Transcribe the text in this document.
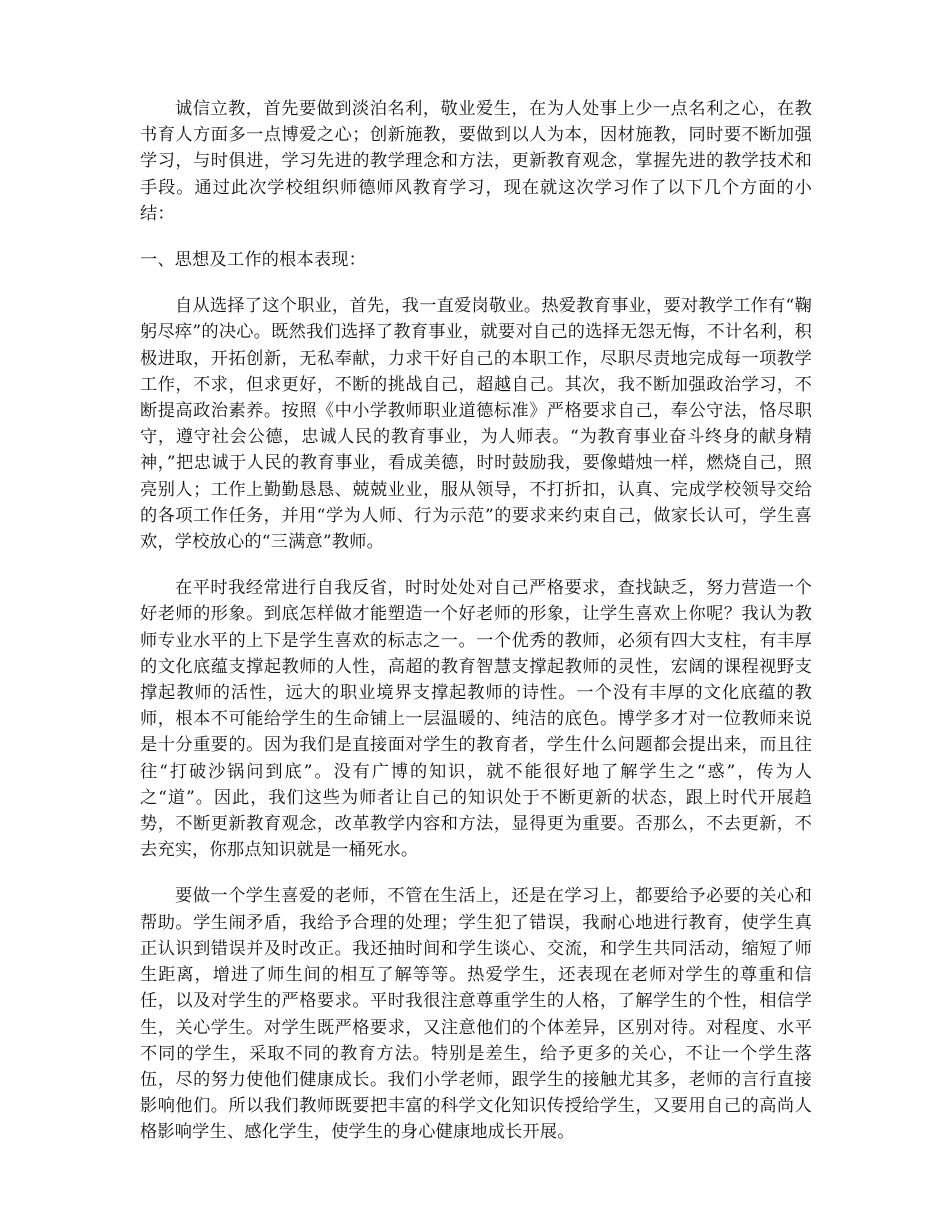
诚信立教，首先要做到淡泊名利，敬业爱生，在为人处事上少一点名利之心，在教书育人方面多一点博爱之心；创新施教，要做到以人为本，因材施教，同时要不断加强学习，与时俱进，学习先进的教学理念和方法，更新教育观念，掌握先进的教学技术和手段。通过此次学校组织师德师风教育学习，现在就这次学习作了以下几个方面的小结：

一、思想及工作的根本表现：

自从选择了这个职业，首先，我一直爱岗敬业。热爱教育事业，要对教学工作有“鞠躬尽瘁”的决心。既然我们选择了教育事业，就要对自己的选择无怨无悔，不计名利，积极进取，开拓创新，无私奉献，力求干好自己的本职工作，尽职尽责地完成每一项教学工作，不求，但求更好，不断的挑战自己，超越自己。其次，我不断加强政治学习，不断提高政治素养。按照《中小学教师职业道德标准》严格要求自己，奉公守法，恪尽职守，遵守社会公德，忠诚人民的教育事业，为人师表。“为教育事业奋斗终身的献身精神，”把忠诚于人民的教育事业，看成美德，时时鼓励我，要像蜡烛一样，燃烧自己，照亮别人；工作上勤勤恳恳、兢兢业业，服从领导，不打折扣，认真、完成学校领导交给的各项工作任务，并用“学为人师、行为示范”的要求来约束自己，做家长认可，学生喜欢，学校放心的“三满意”教师。

在平时我经常进行自我反省，时时处处对自己严格要求，查找缺乏，努力营造一个好老师的形象。到底怎样做才能塑造一个好老师的形象，让学生喜欢上你呢？我认为教师专业水平的上下是学生喜欢的标志之一。一个优秀的教师，必须有四大支柱，有丰厚的文化底蕴支撑起教师的人性，高超的教育智慧支撑起教师的灵性，宏阔的课程视野支撑起教师的活性，远大的职业境界支撑起教师的诗性。一个没有丰厚的文化底蕴的教师，根本不可能给学生的生命铺上一层温暖的、纯洁的底色。博学多才对一位教师来说是十分重要的。因为我们是直接面对学生的教育者，学生什么问题都会提出来，而且往往“打破沙锅问到底”。没有广博的知识，就不能很好地了解学生之“惑”，传为人之“道”。因此，我们这些为师者让自己的知识处于不断更新的状态，跟上时代开展趋势，不断更新教育观念，改革教学内容和方法，显得更为重要。否那么，不去更新，不去充实，你那点知识就是一桶死水。

要做一个学生喜爱的老师，不管在生活上，还是在学习上，都要给予必要的关心和帮助。学生闹矛盾，我给予合理的处理；学生犯了错误，我耐心地进行教育，使学生真正认识到错误并及时改正。我还抽时间和学生谈心、交流，和学生共同活动，缩短了师生距离，增进了师生间的相互了解等等。热爱学生，还表现在老师对学生的尊重和信任，以及对学生的严格要求。平时我很注意尊重学生的人格，了解学生的个性，相信学生，关心学生。对学生既严格要求，又注意他们的个体差异，区别对待。对程度、水平不同的学生，采取不同的教育方法。特别是差生，给予更多的关心，不让一个学生落伍，尽的努力使他们健康成长。我们小学老师，跟学生的接触尤其多，老师的言行直接影响他们。所以我们教师既要把丰富的科学文化知识传授给学生，又要用自己的高尚人格影响学生、感化学生，使学生的身心健康地成长开展。
